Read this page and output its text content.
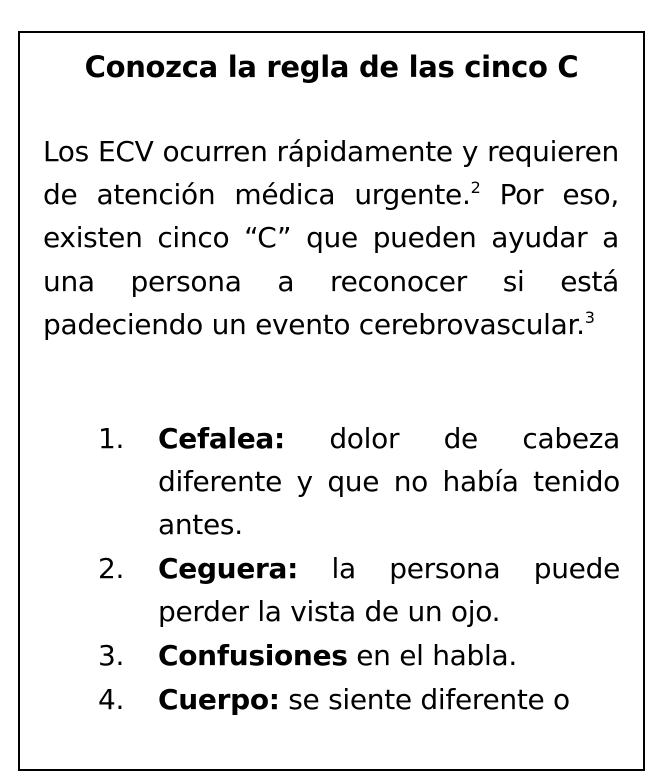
Conozca la regla de las cinco C

Los ECV ocurren rápidamente y requieren de atención médica urgente.$^2$ Por eso, existen cinco “C” que pueden ayudar a una persona a reconocer si está padeciendo un evento cerebrovascular.$^3$

1. Cefalea: dolor de cabeza diferente y que no había tenido antes.
2. Ceguera: la persona puede perder la vista de un ojo.
3. Confusiones en el habla.
4. Cuerpo: se siente diferente o
